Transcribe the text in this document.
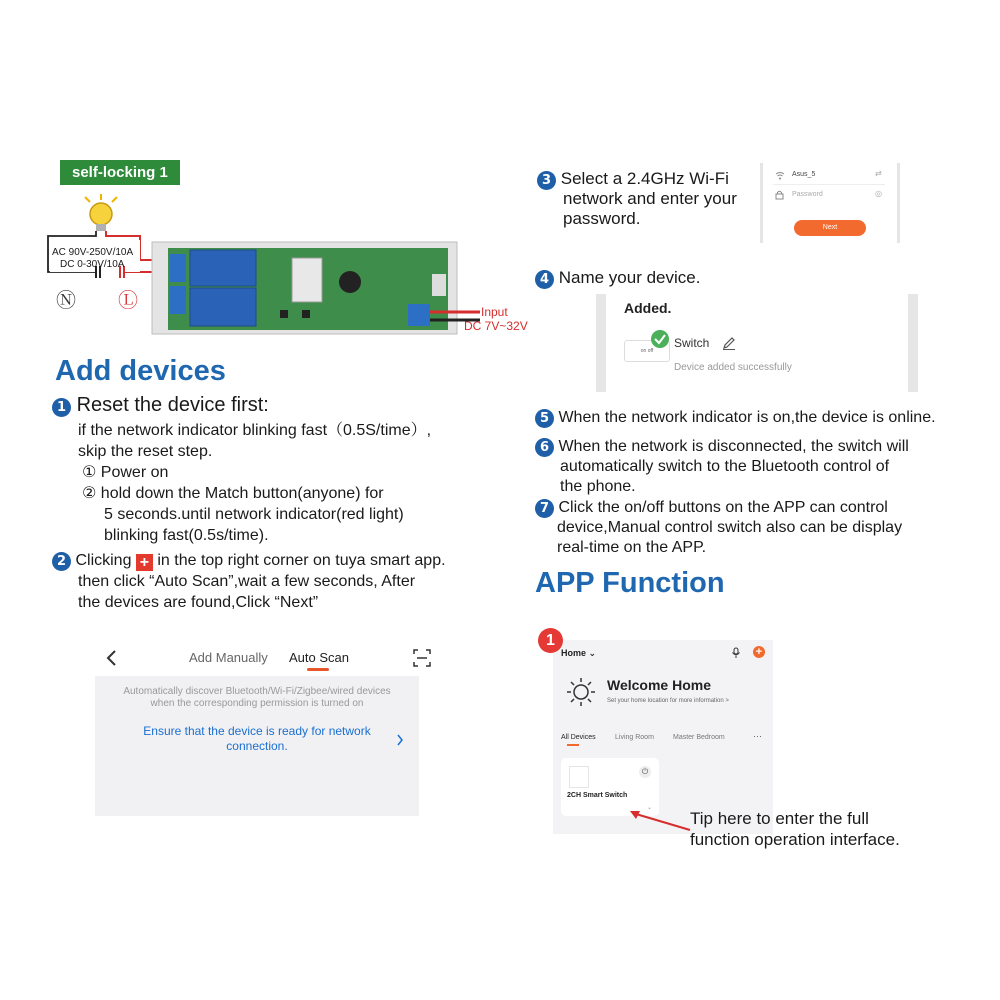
self-locking 1
AC 90V-250V/10A
DC 0-30V/10A
Ⓝ Ⓛ	Input
DC 7V~32V
Add devices
1 Reset the device first:
if the network indicator blinking fast（0.5S/time）,
skip the reset step.
① Power on
② hold down the Match button(anyone) for
5 seconds.until network indicator(red light)
blinking fast(0.5s/time).
2 Clicking + in the top right corner on tuya smart app.
then click “Auto Scan”,wait a few seconds, After
the devices are found,Click “Next”
Add Manually Auto Scan
Automatically discover Bluetooth/Wi-Fi/Zigbee/wired devices
when the corresponding permission is turned on
Ensure that the device is ready for network
connection.
3 Select a 2.4GHz Wi-Fi
network and enter your
password.
Asus_5	⇄
Password	◎
Next
4 Name your device.
Added.
on off
Switch
Device added successfully
5 When the network indicator is on,the device is online.
6 When the network is disconnected, the switch will
automatically switch to the Bluetooth control of
the phone.
7 Click the on/off buttons on the APP can control
device,Manual control switch also can be display
real-time on the APP.
APP Function
Home ⌄	+
Welcome Home
Set your home location for more information >
All Devices	Living Room	Master Bedroom	···
⏻
2CH Smart Switch
⌄
1
Tip here to enter the full
function operation interface.
